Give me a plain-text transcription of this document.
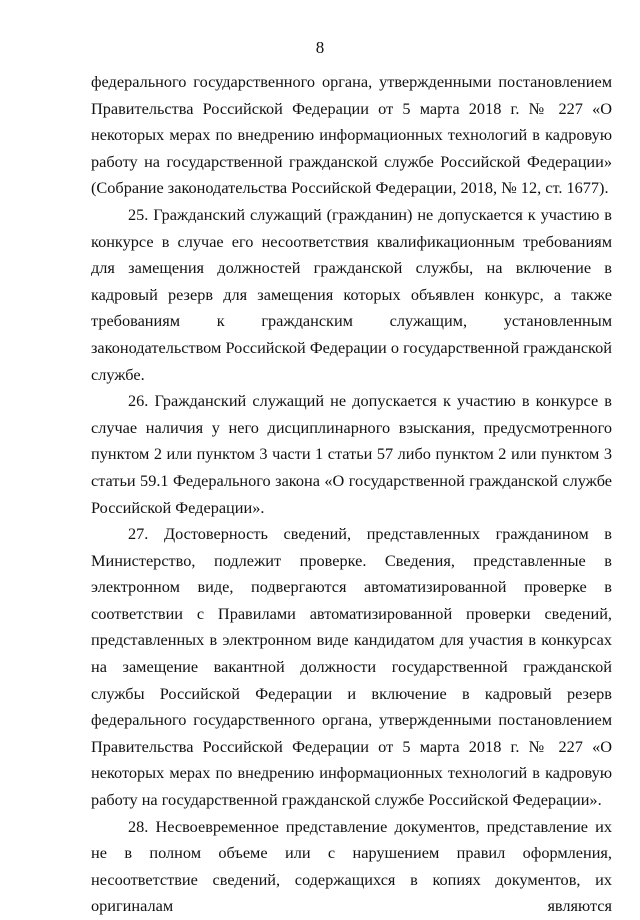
8

федерального государственного органа, утвержденными постановлением Правительства Российской Федерации от 5 марта 2018 г. № 227 «О некоторых мерах по внедрению информационных технологий в кадровую работу на государственной гражданской службе Российской Федерации» (Собрание законодательства Российской Федерации, 2018, № 12, ст. 1677).

25. Гражданский служащий (гражданин) не допускается к участию в конкурсе в случае его несоответствия квалификационным требованиям для замещения должностей гражданской службы, на включение в кадровый резерв для замещения которых объявлен конкурс, а также требованиям к гражданским служащим, установленным законодательством Российской Федерации о государственной гражданской службе.

26. Гражданский служащий не допускается к участию в конкурсе в случае наличия у него дисциплинарного взыскания, предусмотренного пунктом 2 или пунктом 3 части 1 статьи 57 либо пунктом 2 или пунктом 3 статьи 59.1 Федерального закона «О государственной гражданской службе Российской Федерации».

27. Достоверность сведений, представленных гражданином в Министерство, подлежит проверке. Сведения, представленные в электронном виде, подвергаются автоматизированной проверке в соответствии с Правилами автоматизированной проверки сведений, представленных в электронном виде кандидатом для участия в конкурсах на замещение вакантной должности государственной гражданской службы Российской Федерации и включение в кадровый резерв федерального государственного органа, утвержденными постановлением Правительства Российской Федерации от 5 марта 2018 г. № 227 «О некоторых мерах по внедрению информационных технологий в кадровую работу на государственной гражданской службе Российской Федерации».

28. Несвоевременное представление документов, представление их не в полном объеме или с нарушением правил оформления, несоответствие сведений, содержащихся в копиях документов, их оригиналам являются
